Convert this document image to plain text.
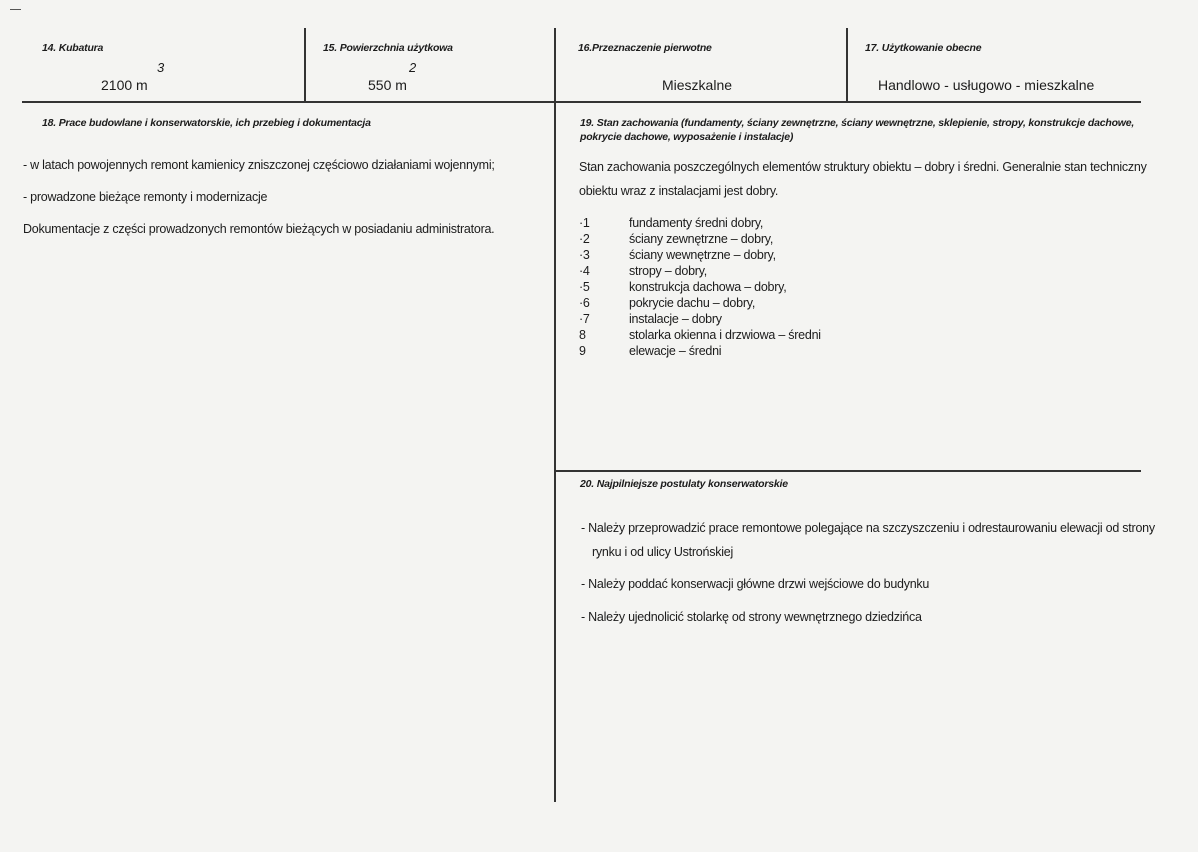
14. Kubatura
3
2100 m
15. Powierzchnia użytkowa
2
550 m
16.Przeznaczenie pierwotne
Mieszkalne
17. Użytkowanie obecne
Handlowo - usługowo - mieszkalne
18. Prace budowlane i konserwatorskie, ich przebieg i dokumentacja
- w latach powojennych remont kamienicy zniszczonej częściowo działaniami wojennymi;
- prowadzone bieżące remonty i modernizacje
Dokumentacje z części prowadzonych remontów bieżących w posiadaniu administratora.
19. Stan zachowania (fundamenty, ściany zewnętrzne, ściany wewnętrzne, sklepienie, stropy, konstrukcje dachowe,
pokrycie dachowe, wyposażenie i instalacje)
Stan zachowania poszczególnych elementów struktury obiektu – dobry i średni. Generalnie stan techniczny
obiektu wraz z instalacjami jest dobry.
·1	fundamenty średni dobry,
·2	ściany zewnętrzne – dobry,
·3	ściany wewnętrzne – dobry,
·4	stropy – dobry,
·5	konstrukcja dachowa – dobry,
·6	pokrycie dachu – dobry,
·7	instalacje – dobry
8	stolarka okienna i drzwiowa – średni
9	elewacje – średni
20. Najpilniejsze postulaty konserwatorskie
- Należy przeprowadzić prace remontowe polegające na szczyszczeniu i odrestaurowaniu elewacji od strony
rynku i od ulicy Ustrońskiej
- Należy poddać konserwacji główne drzwi wejściowe do budynku
- Należy ujednolicić stolarkę od strony wewnętrznego dziedzińca
